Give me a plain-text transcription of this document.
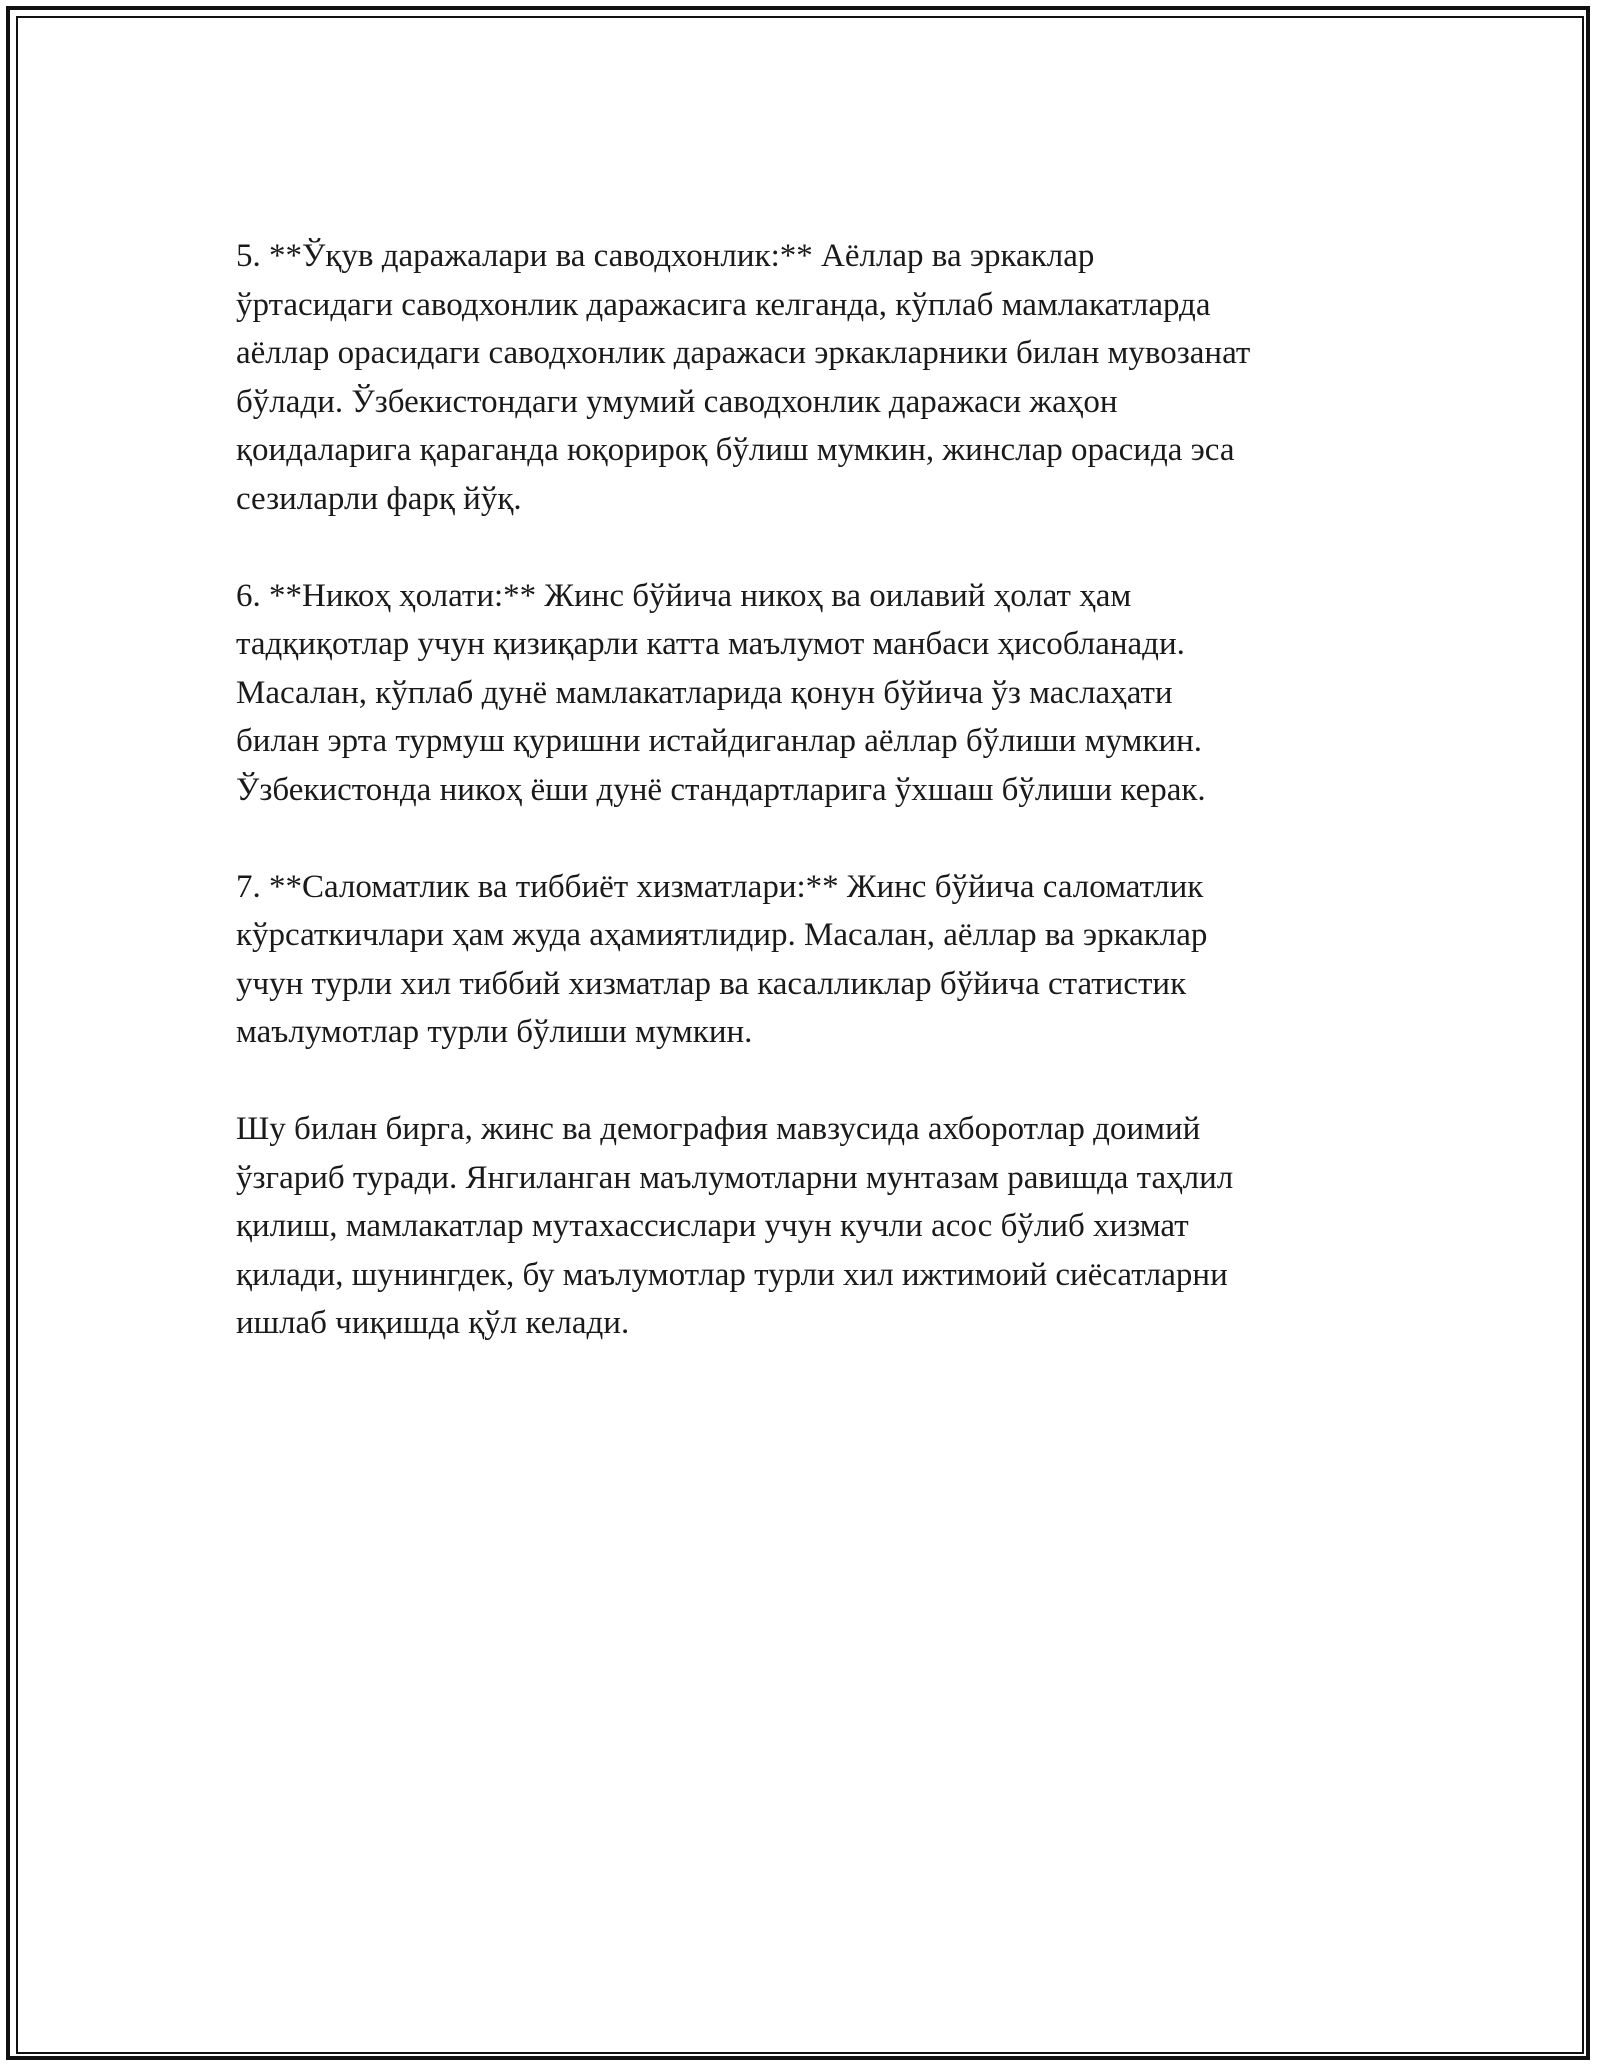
5. **Ўқув даражалари ва саводхонлик:** Аёллар ва эркаклар
ўртасидаги саводхонлик даражасига келганда, кўплаб мамлакатларда
аёллар орасидаги саводхонлик даражаси эркакларники билан мувозанат
бўлади. Ўзбекистондаги умумий саводхонлик даражаси жаҳон
қоидаларига қараганда юқорироқ бўлиш мумкин, жинслар орасида эса
сезиларли фарқ йўқ.

6. **Никоҳ ҳолати:** Жинс бўйича никоҳ ва оилавий ҳолат ҳам
тадқиқотлар учун қизиқарли катта маълумот манбаси ҳисобланади.
Масалан, кўплаб дунё мамлакатларида қонун бўйича ўз маслаҳати
билан эрта турмуш қуришни истайдиганлар аёллар бўлиши мумкин.
Ўзбекистонда никоҳ ёши дунё стандартларига ўхшаш бўлиши керак.

7. **Саломатлик ва тиббиёт хизматлари:** Жинс бўйича саломатлик
кўрсаткичлари ҳам жуда аҳамиятлидир. Масалан, аёллар ва эркаклар
учун турли хил тиббий хизматлар ва касалликлар бўйича статистик
маълумотлар турли бўлиши мумкин.

Шу билан бирга, жинс ва демография мавзусида ахборотлар доимий
ўзгариб туради. Янгиланган маълумотларни мунтазам равишда таҳлил
қилиш, мамлакатлар мутахассислари учун кучли асос бўлиб хизмат
қилади, шунингдек, бу маълумотлар турли хил ижтимоий сиёсатларни
ишлаб чиқишда қўл келади.
